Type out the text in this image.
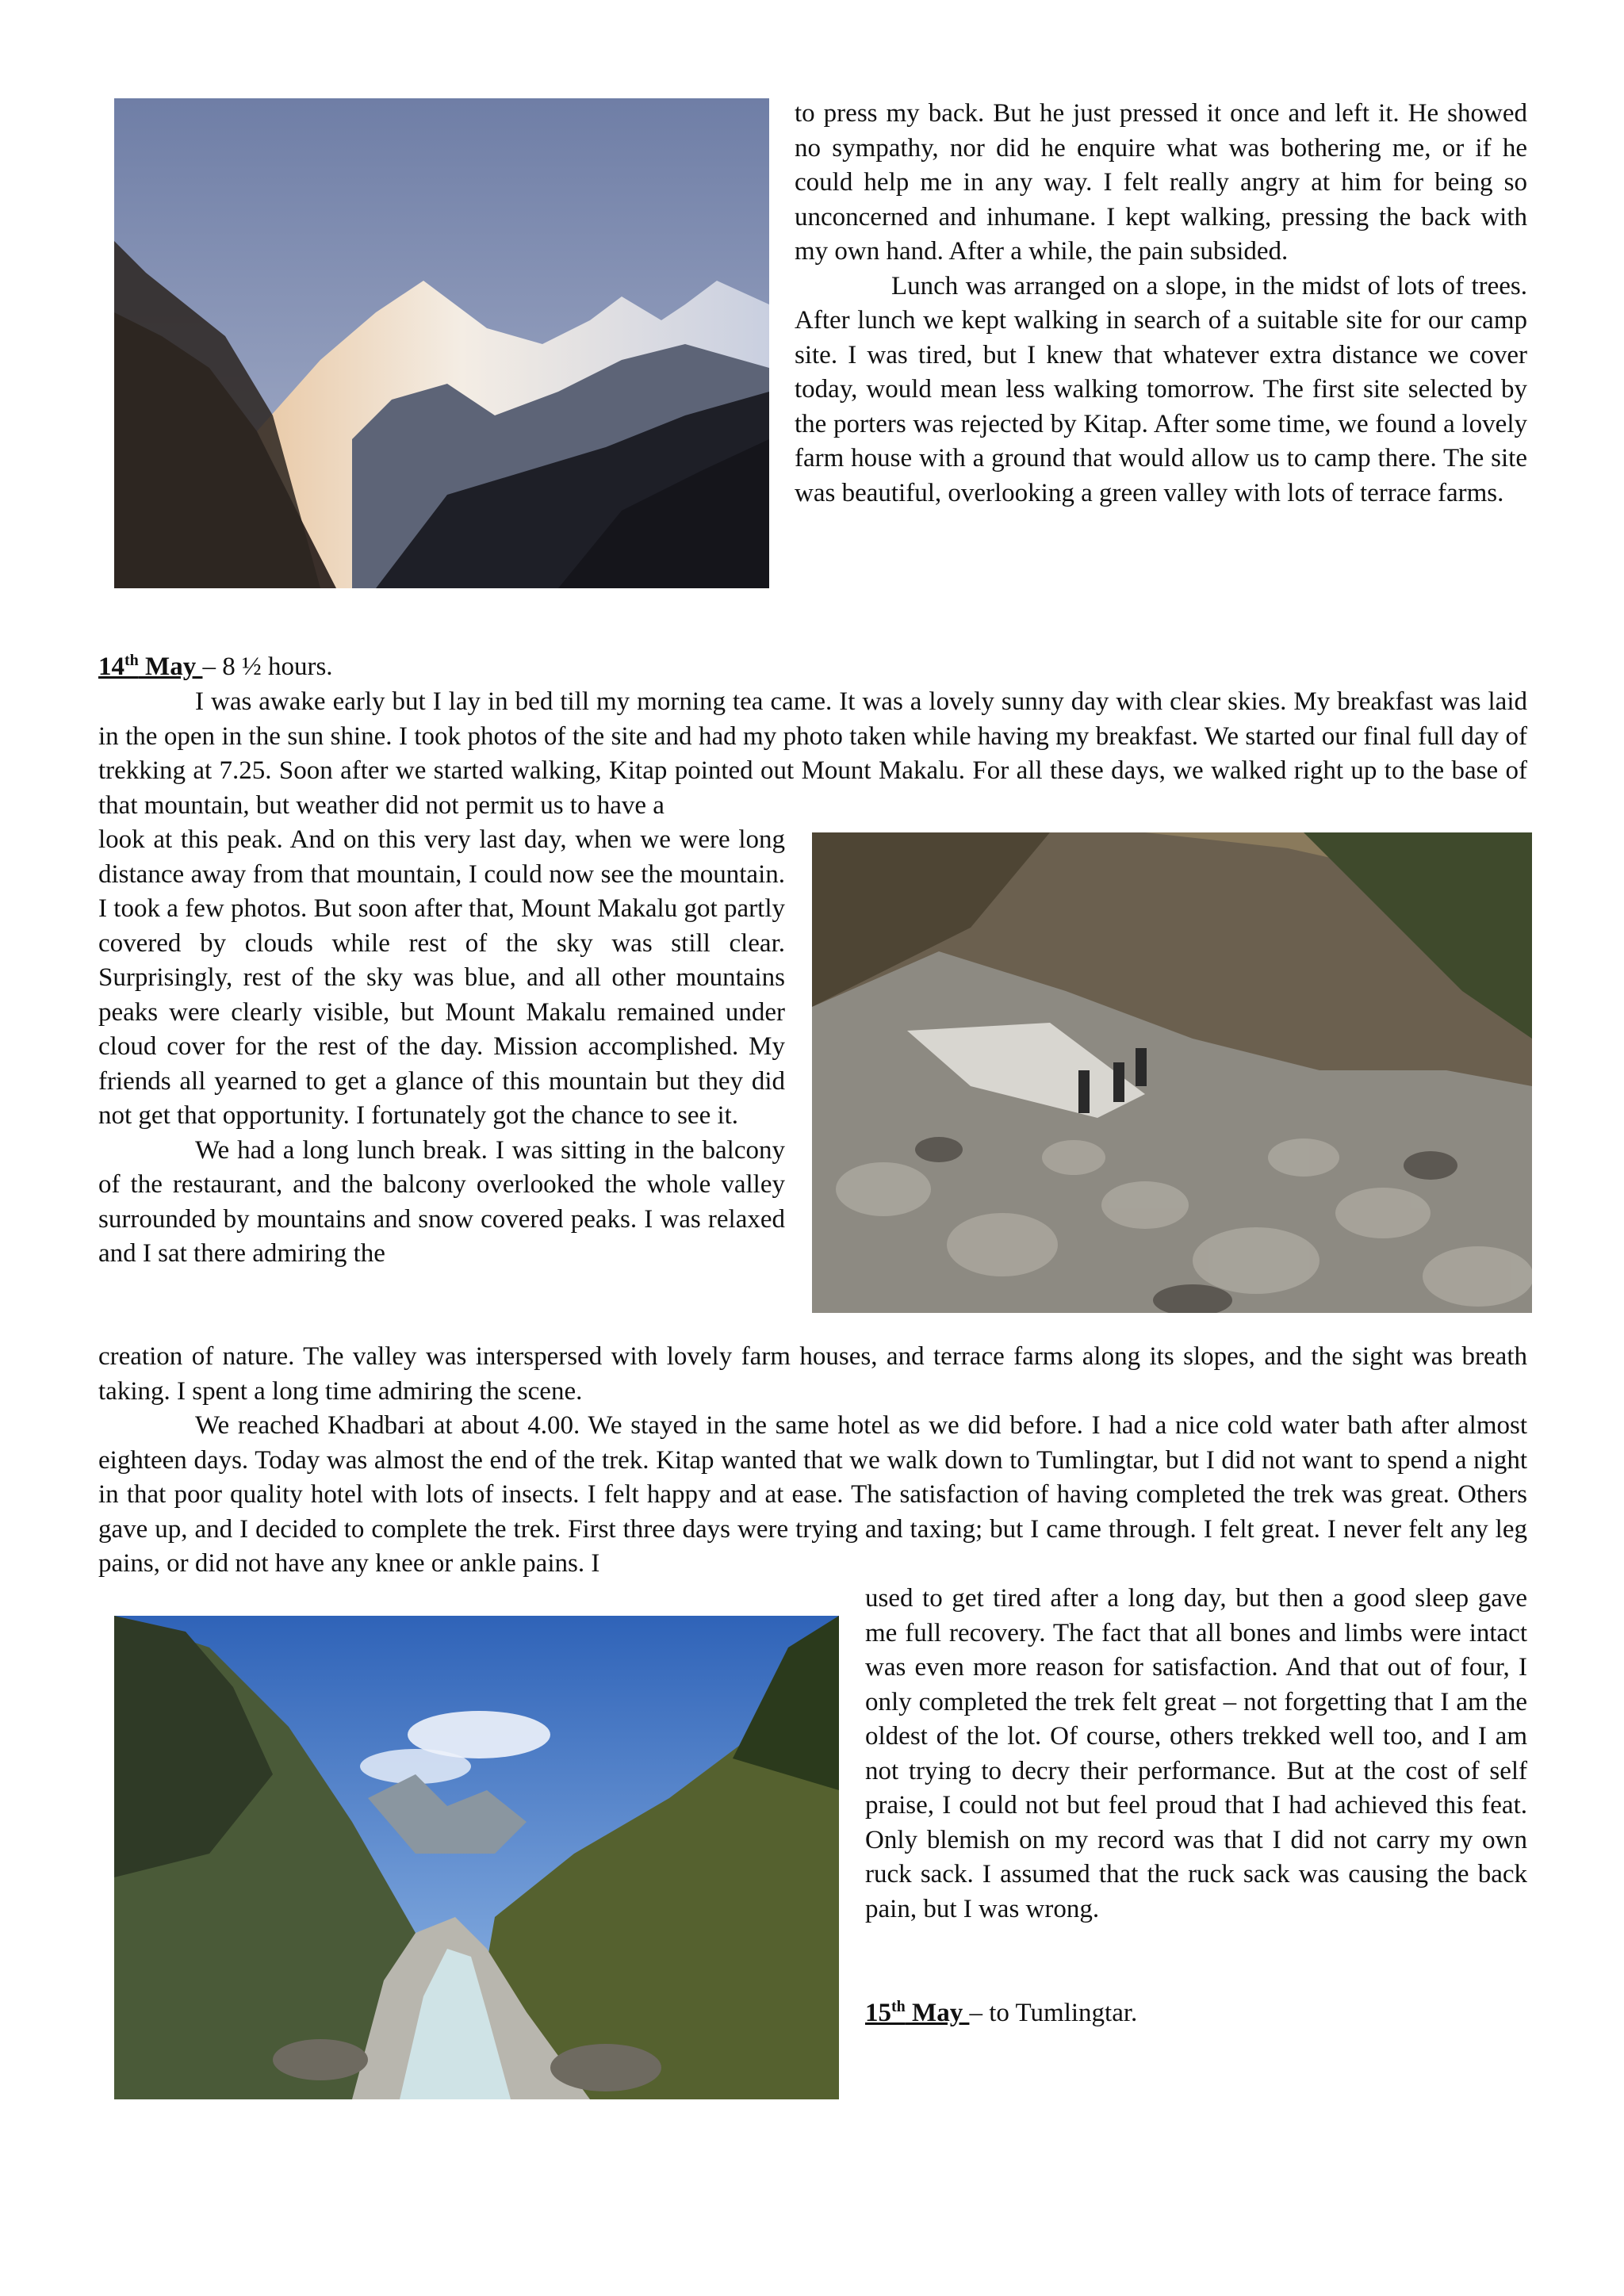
to press my back. But he just pressed it once and left it. He showed no sympathy, nor did he enquire what was bothering me, or if he could help me in any way. I felt really angry at him for being so unconcerned and inhumane. I kept walking, pressing the back with my own hand. After a while, the pain subsided.

Lunch was arranged on a slope, in the midst of lots of trees. After lunch we kept walking in search of a suitable site for our camp site. I was tired, but I knew that whatever extra distance we cover today, would mean less walking tomorrow. The first site selected by the porters was rejected by Kitap. After some time, we found a lovely farm house with a ground that would allow us to camp there. The site was beautiful, overlooking a green valley with lots of terrace farms.

14th May – 8 ½ hours.

I was awake early but I lay in bed till my morning tea came. It was a lovely sunny day with clear skies. My breakfast was laid in the open in the sun shine. I took photos of the site and had my photo taken while having my breakfast. We started our final full day of trekking at 7.25. Soon after we started walking, Kitap pointed out Mount Makalu. For all these days, we walked right up to the base of that mountain, but weather did not permit us to have a

look at this peak. And on this very last day, when we were long distance away from that mountain, I could now see the mountain. I took a few photos. But soon after that, Mount Makalu got partly covered by clouds while rest of the sky was still clear. Surprisingly, rest of the sky was blue, and all other mountains peaks were clearly visible, but Mount Makalu remained under cloud cover for the rest of the day. Mission accomplished. My friends all yearned to get a glance of this mountain but they did not get that opportunity. I fortunately got the chance to see it.

We had a long lunch break. I was sitting in the balcony of the restaurant, and the balcony overlooked the whole valley surrounded by mountains and snow covered peaks. I was relaxed and I sat there admiring the

creation of nature. The valley was interspersed with lovely farm houses, and terrace farms along its slopes, and the sight was breath taking. I spent a long time admiring the scene.

We reached Khadbari at about 4.00. We stayed in the same hotel as we did before. I had a nice cold water bath after almost eighteen days. Today was almost the end of the trek. Kitap wanted that we walk down to Tumlingtar, but I did not want to spend a night in that poor quality hotel with lots of insects. I felt happy and at ease. The satisfaction of having completed the trek was great. Others gave up, and I decided to complete the trek. First three days were trying and taxing; but I came through. I felt great. I never felt any leg pains, or did not have any knee or ankle pains. I

used to get tired after a long day, but then a good sleep gave me full recovery. The fact that all bones and limbs were intact was even more reason for satisfaction. And that out of four, I only completed the trek felt great – not forgetting that I am the oldest of the lot. Of course, others trekked well too, and I am not trying to decry their performance. But at the cost of self praise, I could not but feel proud that I had achieved this feat. Only blemish on my record was that I did not carry my own ruck sack. I assumed that the ruck sack was causing the back pain, but I was wrong.

15th May – to Tumlingtar.
